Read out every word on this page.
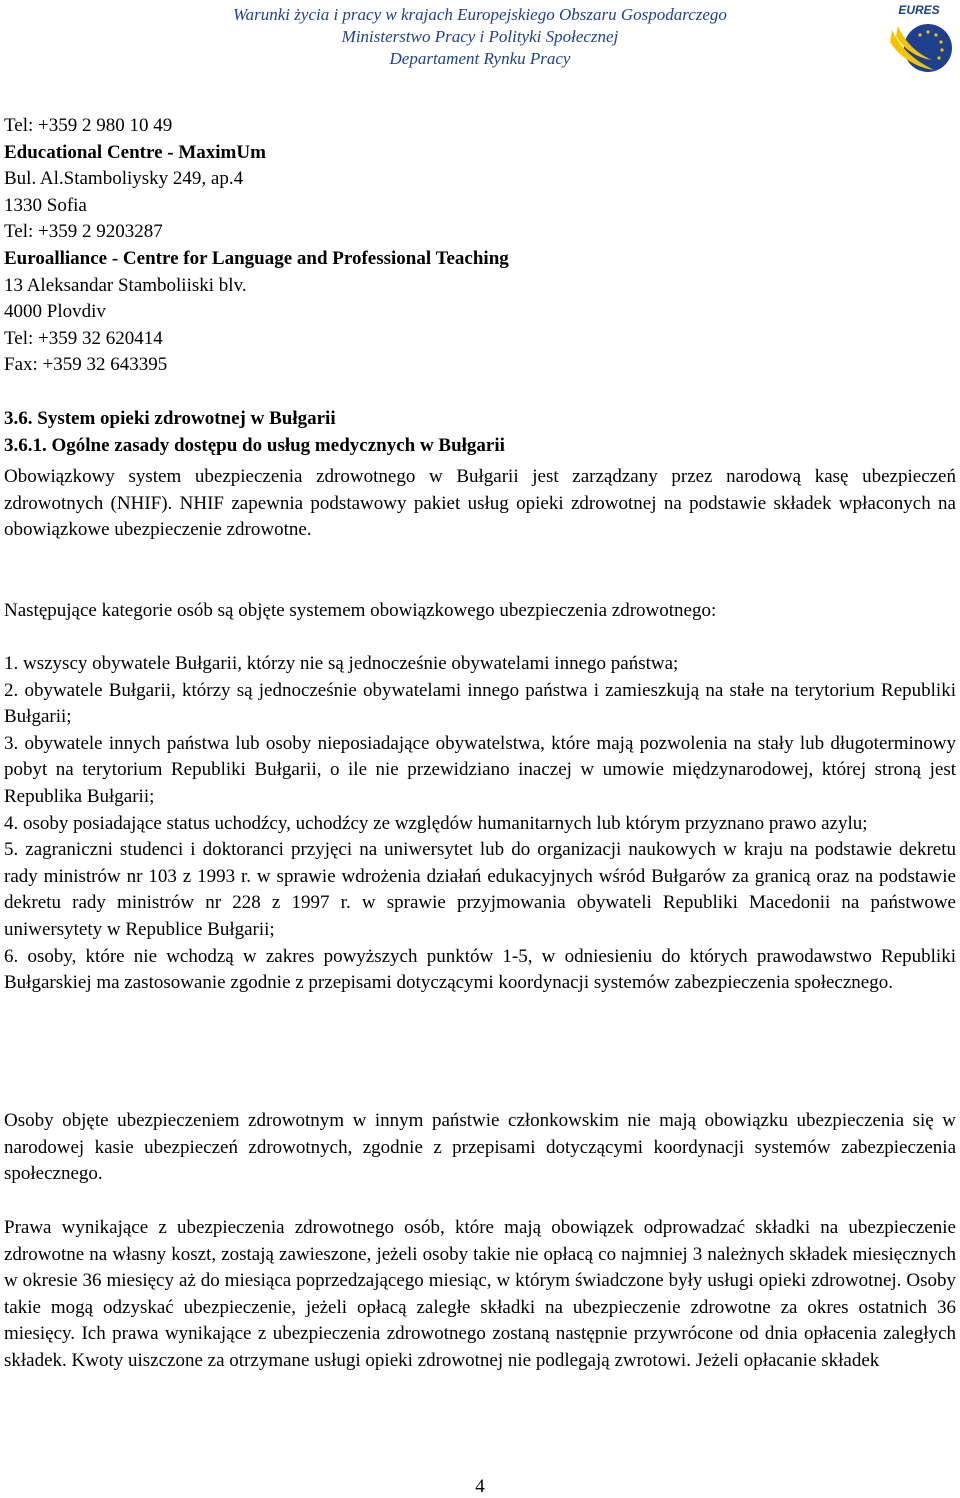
Warunki życia i pracy w krajach Europejskiego Obszaru Gospodarczego
Ministerstwo Pracy i Polityki Społecznej
Departament Rynku Pracy
EURES
Tel: +359 2 980 10 49
Educational Centre - MaximUm
Bul. Al.Stamboliysky 249, ap.4
1330 Sofia
Tel: +359 2 9203287
Euroalliance - Centre for Language and Professional Teaching
13 Aleksandar Stamboliiski blv.
4000 Plovdiv
Tel: +359 32 620414
Fax: +359 32 643395
3.6. System opieki zdrowotnej w Bułgarii
3.6.1. Ogólne zasady dostępu do usług medycznych w Bułgarii

Obowiązkowy system ubezpieczenia zdrowotnego w Bułgarii jest zarządzany przez narodową kasę ubezpieczeń zdrowotnych (NHIF). NHIF zapewnia podstawowy pakiet usług opieki zdrowotnej na podstawie składek wpłaconych na obowiązkowe ubezpieczenie zdrowotne.

Następujące kategorie osób są objęte systemem obowiązkowego ubezpieczenia zdrowotnego:

1. wszyscy obywatele Bułgarii, którzy nie są jednocześnie obywatelami innego państwa;

2. obywatele Bułgarii, którzy są jednocześnie obywatelami innego państwa i zamieszkują na stałe na terytorium Republiki Bułgarii;

3. obywatele innych państwa lub osoby nieposiadające obywatelstwa, które mają pozwolenia na stały lub długoterminowy pobyt na terytorium Republiki Bułgarii, o ile nie przewidziano inaczej w umowie międzynarodowej, której stroną jest Republika Bułgarii;

4. osoby posiadające status uchodźcy, uchodźcy ze względów humanitarnych lub którym przyznano prawo azylu;

5. zagraniczni studenci i doktoranci przyjęci na uniwersytet lub do organizacji naukowych w kraju na podstawie dekretu rady ministrów nr 103 z 1993 r. w sprawie wdrożenia działań edukacyjnych wśród Bułgarów za granicą oraz na podstawie dekretu rady ministrów nr 228 z 1997 r. w sprawie przyjmowania obywateli Republiki Macedonii na państwowe uniwersytety w Republice Bułgarii;

6. osoby, które nie wchodzą w zakres powyższych punktów 1-5, w odniesieniu do których prawodawstwo Republiki Bułgarskiej ma zastosowanie zgodnie z przepisami dotyczącymi koordynacji systemów zabezpieczenia społecznego.

Osoby objęte ubezpieczeniem zdrowotnym w innym państwie członkowskim nie mają obowiązku ubezpieczenia się w narodowej kasie ubezpieczeń zdrowotnych, zgodnie z przepisami dotyczącymi koordynacji systemów zabezpieczenia społecznego.

Prawa wynikające z ubezpieczenia zdrowotnego osób, które mają obowiązek odprowadzać składki na ubezpieczenie zdrowotne na własny koszt, zostają zawieszone, jeżeli osoby takie nie opłacą co najmniej 3 należnych składek miesięcznych w okresie 36 miesięcy aż do miesiąca poprzedzającego miesiąc, w którym świadczone były usługi opieki zdrowotnej. Osoby takie mogą odzyskać ubezpieczenie, jeżeli opłacą zaległe składki na ubezpieczenie zdrowotne za okres ostatnich 36 miesięcy. Ich prawa wynikające z ubezpieczenia zdrowotnego zostaną następnie przywrócone od dnia opłacenia zaległych składek. Kwoty uiszczone za otrzymane usługi opieki zdrowotnej nie podlegają zwrotowi. Jeżeli opłacanie składek

4
